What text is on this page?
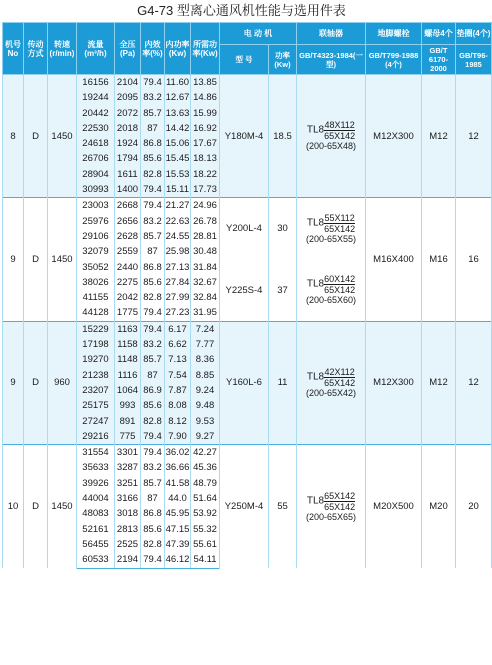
G4-73 型离心通风机性能与选用件表
机号No	传动方式	转速(r/min)	流量(m³/h)	全压(Pa)	内效率(%)	内功率(Kw)	所需功率(Kw)	电 动 机		联轴器	地脚螺栓	螺母4个	垫圈(4个)
								型 号	功率(Kw)	GB/T4323-1984(一型)	GB/T799-1988 (4个)	GB/T 6170-2000	GB/T96-1985
8	D	1450	16156	2104	79.4	11.60	13.85	Y180M-4	18.5	$TL8 \frac{48X112}{65X142}$

(200-65X48)	M12X300	M12	12
			19244	2095	83.2	12.67	14.86						
			20442	2072	85.7	13.63	15.99						
			22530	2018	87	14.42	16.92						
			24618	1924	86.8	15.06	17.67						
			26706	1794	85.6	15.45	18.13						
			28904	1611	82.8	15.53	18.22						
			30993	1400	79.4	15.11	17.73						
9	D	1450	23003	2668	79.4	21.27	24.96	Y200L-4	30	$TL8 \frac{55X112}{65X142}$

(200-65X55)	M16X400	M16	16
			25976	2656	83.2	22.63	26.78						
			29106	2628	85.7	24.55	28.81						
			32079	2559	87	25.98	30.48						
			35052	2440	86.8	27.13	31.84	Y225S-4	37	$TL8 \frac{60X142}{65X142}$

(200-65X60)			
			38026	2275	85.6	27.84	32.67						
			41155	2042	82.8	27.99	32.84						
			44128	1775	79.4	27.23	31.95						
9	D	960	15229	1163	79.4	6.17	7.24	Y160L-6	11	$TL8 \frac{42X112}{65X142}$

(200-65X42)	M12X300	M12	12
			17198	1158	83.2	6.62	7.77						
			19270	1148	85.7	7.13	8.36						
			21238	1116	87	7.54	8.85						
			23207	1064	86.9	7.87	9.24						
			25175	993	85.6	8.08	9.48						
			27247	891	82.8	8.12	9.53						
			29216	775	79.4	7.90	9.27						
10	D	1450	31554	3301	79.4	36.02	42.27	Y250M-4	55	$TL8 \frac{65X142}{65X142}$

(200-65X65)	M20X500	M20	20
			35633	3287	83.2	36.66	45.36						
			39926	3251	85.7	41.58	48.79						
			44004	3166	87	44.0	51.64						
			48083	3018	86.8	45.95	53.92						
			52161	2813	85.6	47.15	55.32						
			56455	2525	82.8	47.39	55.61						
			60533	2194	79.4	46.12	54.11						
